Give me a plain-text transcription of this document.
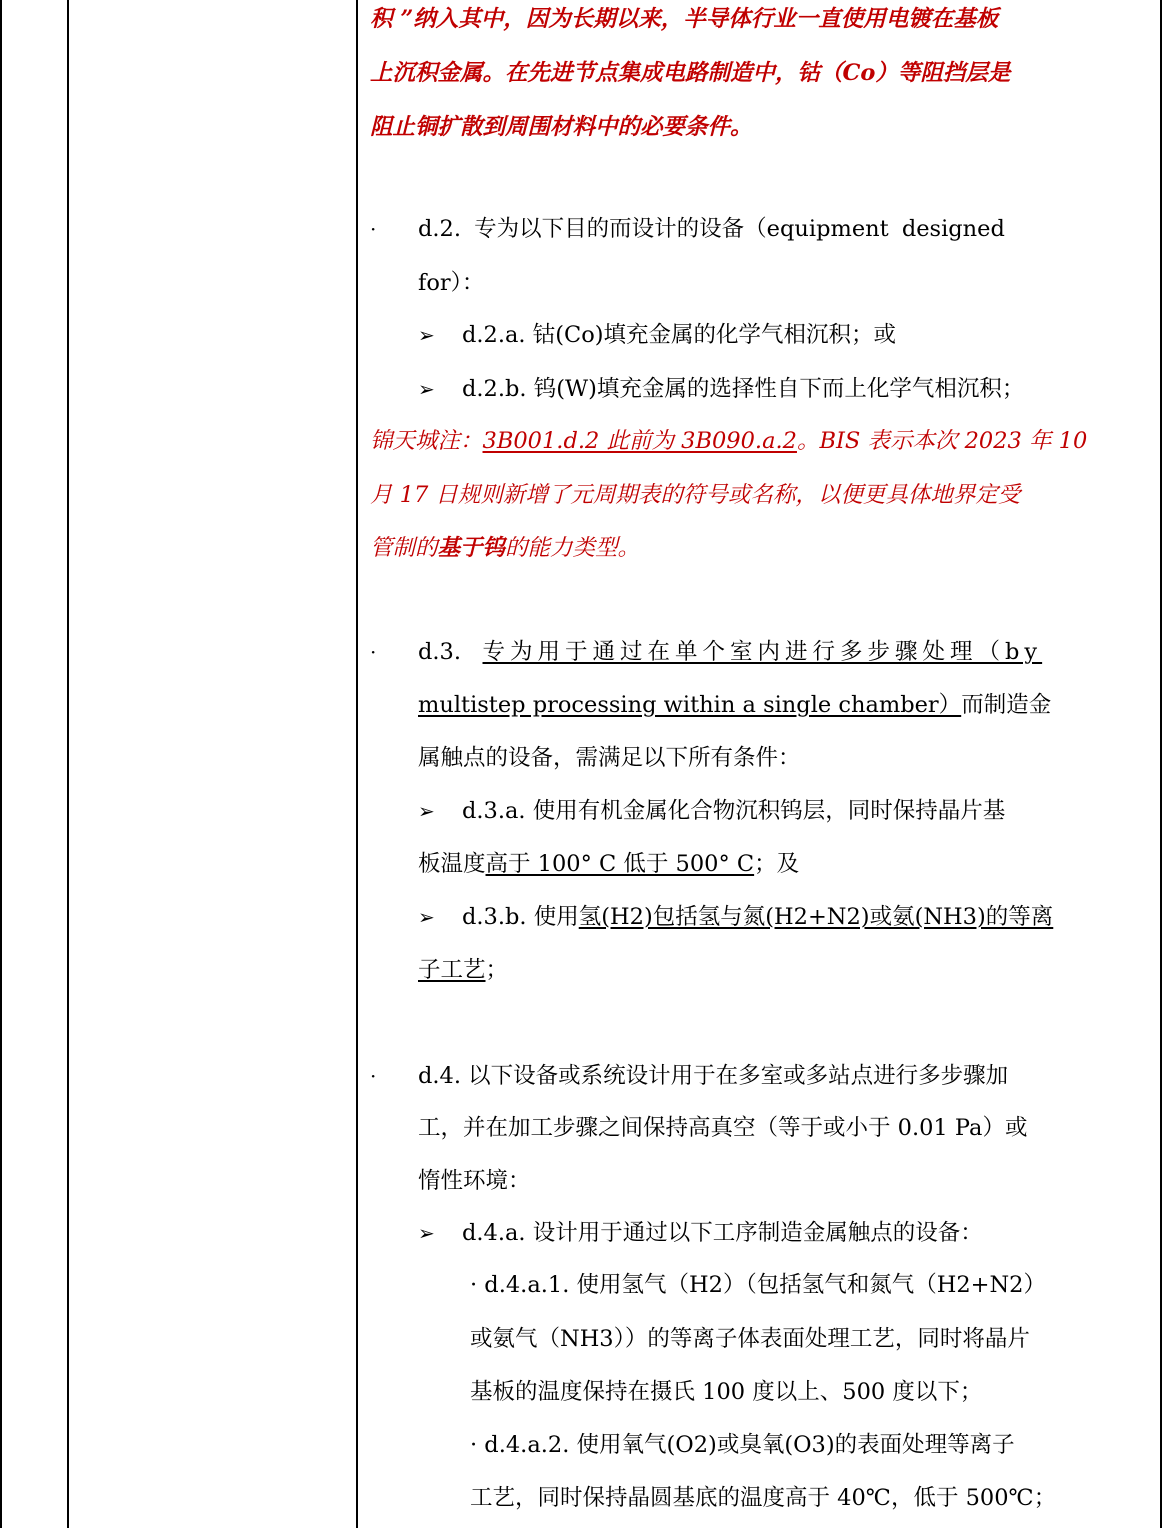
积 ”纳入其中，因为长期以来，半导体行业一直使用电镀在基板
上沉积金属。在先进节点集成电路制造中，钴（Co）等阻挡层是
阻止铜扩散到周围材料中的必要条件。
· d.2. 专为以下目的而设计的设备（equipment designed
for）：
➢ d.2.a. 钴(Co)填充金属的化学气相沉积；或
➢ d.2.b. 钨(W)填充金属的选择性自下而上化学气相沉积；
锦天城注：3B001.d.2 此前为 3B090.a.2。BIS 表示本次 2023 年 10
月 17 日规则新增了元周期表的符号或名称，以便更具体地界定受
管制的基于钨的能力类型。
· d.3. 专为用于通过在单个室内进行多步骤处理（by
multistep processing within a single chamber）而制造金
属触点的设备，需满足以下所有条件：
➢ d.3.a. 使用有机金属化合物沉积钨层，同时保持晶片基
板温度高于 100° C 低于 500° C；及
➢ d.3.b. 使用氢(H2)包括氢与氮(H2+N2)或氨(NH3)的等离
子工艺；
· d.4. 以下设备或系统设计用于在多室或多站点进行多步骤加
工，并在加工步骤之间保持高真空（等于或小于 0.01 Pa）或
惰性环境：
➢ d.4.a. 设计用于通过以下工序制造金属触点的设备：
· d.4.a.1. 使用氢气（H2）（包括氢气和氮气（H2+N2）
或氨气（NH3））的等离子体表面处理工艺，同时将晶片
基板的温度保持在摄氏 100 度以上、500 度以下；
· d.4.a.2. 使用氧气(O2)或臭氧(O3)的表面处理等离子
工艺，同时保持晶圆基底的温度高于 40℃，低于 500℃；
